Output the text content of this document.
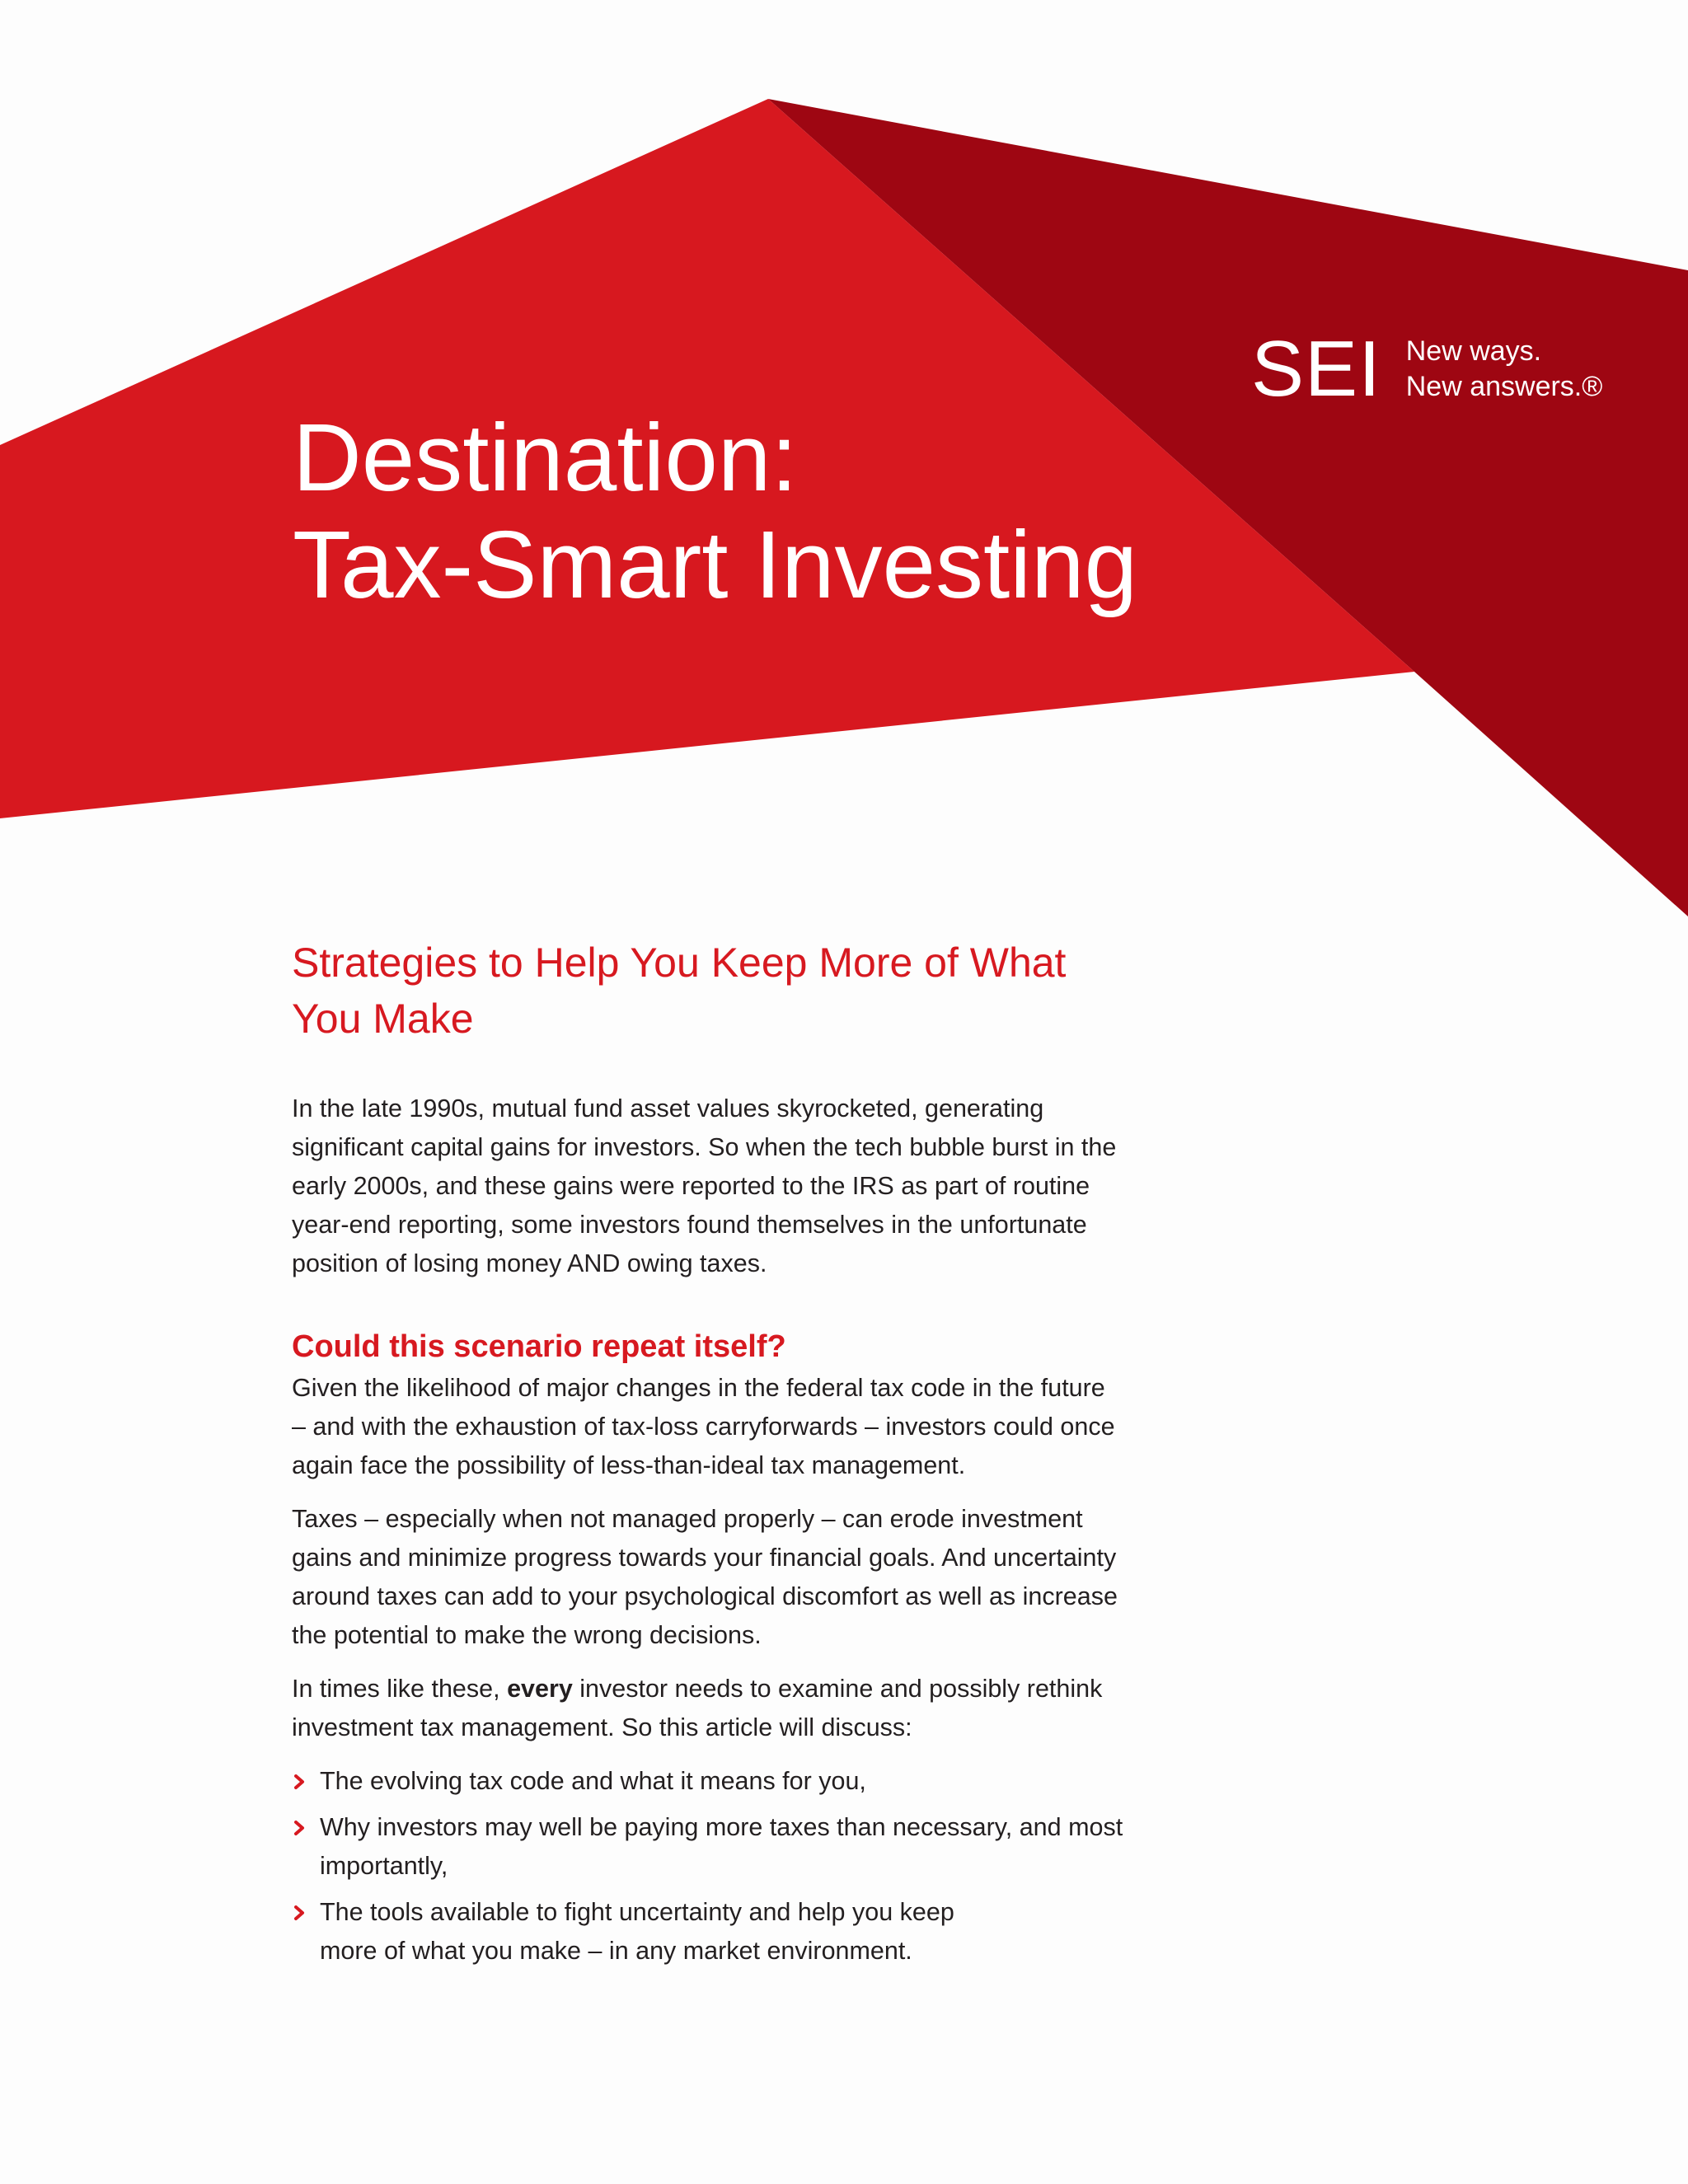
SEI New ways.
New answers.®
Destination:
Tax-Smart Investing
Strategies to Help You Keep More of What
You Make

In the late 1990s, mutual fund asset values skyrocketed, generating
significant capital gains for investors. So when the tech bubble burst in the
early 2000s, and these gains were reported to the IRS as part of routine
year-end reporting, some investors found themselves in the unfortunate
position of losing money AND owing taxes.

Could this scenario repeat itself?

Given the likelihood of major changes in the federal tax code in the future
– and with the exhaustion of tax-loss carryforwards – investors could once
again face the possibility of less-than-ideal tax management.

Taxes – especially when not managed properly – can erode investment
gains and minimize progress towards your financial goals. And uncertainty
around taxes can add to your psychological discomfort as well as increase
the potential to make the wrong decisions.

In times like these, every investor needs to examine and possibly rethink
investment tax management. So this article will discuss:

The evolving tax code and what it means for you,
Why investors may well be paying more taxes than necessary, and most
importantly,
The tools available to fight uncertainty and help you keep
more of what you make – in any market environment.
